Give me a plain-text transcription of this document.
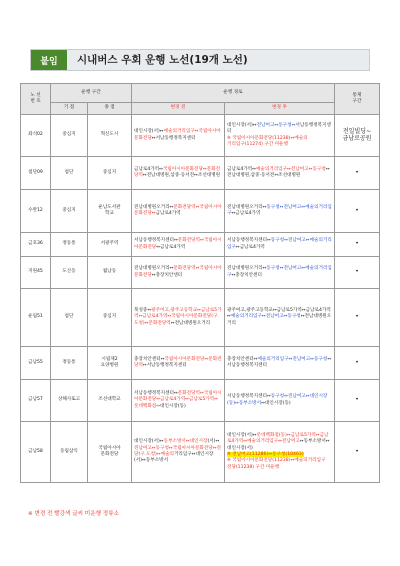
붙임	시내버스 우회 운행 노선(19개 노선)
노 선
번 호	운행 구간		운행 경로		통제
구간
	기 점	종 점	변경 전	변경 후	
좌석02	중심지	혁신도시	대인시장(서)↔예술의거리입구↔국립아시아문화전당↔서남동행정복지센터	대인시장(서)↔전남여고↔동구청↔서남동행정복지센터
※ 국립아시아문화전당(11238)↔예술의
거리입구(11274) 구간 미운행	전일빌딩~
금남로공원
첨단09	첨단	중심지	금남로4가역↔국립아시아문화전당↔문화전당역↔전남대병원,삼중·동서전↔조선대병원	금남로4가역↔예술의거리입구↔전남여고↔동구청↔전남대병원,삼중·동서전↔조선대병원	•
수완12	중심지	운남도서관
학교	전남대병원오거리↔문화전당역↔국립아시아문화전당↔금남로4가역	전남대병원오거리↔동구청↔전남여고↔예술의거리입구↔금남로4가역	•
금호36	정동통	서광주역	서남동행정복지센터↔문화전당역↔국립아시아문화전당↔금남로4가역	서남동행정복지센터↔동구청↔전남여고↔예술의거리입구↔금남로4가역	•
지원45	도산동	월남동	전남대병원오거리↔문화전당역↔국립아시아문화전당↔충장치안센터	전남대병원오거리↔동구청↔전남여고↔예술의거리입구↔충장치안센터	•
운림51	첨단	중심지	북성중↔광주여고,광주고등학교↔금남로5가역↔금남로4가역↔국립아시아문화전당(구.도청)↔문화전당역↔전남대병원오거리	광주여고,광주고등학교↔금남로5가역↔금남로4가역↔예술의거리입구↔전남여고↔동구청↔전남대병원오거리	•
금남55	정동통	시립제2
요양병원	충장치안센터↔국립아시아문화전당↔문화전당역↔서남동행정복지센터	충장치안센터↔예술의거리입구↔전남여고↔동구청↔서남동행정복지센터	•
금남57	상해사또고	조선대학교	서남동행정복지센터↔문화전당역↔국립아시아문화전당↔금남로4가역↔금남로5가역↔롯데백화점↔대인시장(동)	서남동행정복지센터↔동구청↔전남여고↔대인시장(동)↔동부소방서↔대인시장(동)	•
금남58	동림삼익	국립아시아
문화전당	대인시장(서)↔동부소방서↔대인시장(서)↔전남여고↔동구청↔국립아시아문화전당↔전당(구.도청)↔예술의거리입구↔대인시장(서)↔동부소방서	대인시장(서)↔롯데백화점(동)↔금남로5가역↔금남로4가역↔예술의거리입구↔전남여고↔동부소방서↔대인시장(서)
※ 전남여고(11286)↔동구청(10463)
※ 국립아시아문화전당(11238)↔예술의거리입구
전당(11238) 구간 미운행	•
※ 변경 전 빨강색 글씨 미운행 정류소
